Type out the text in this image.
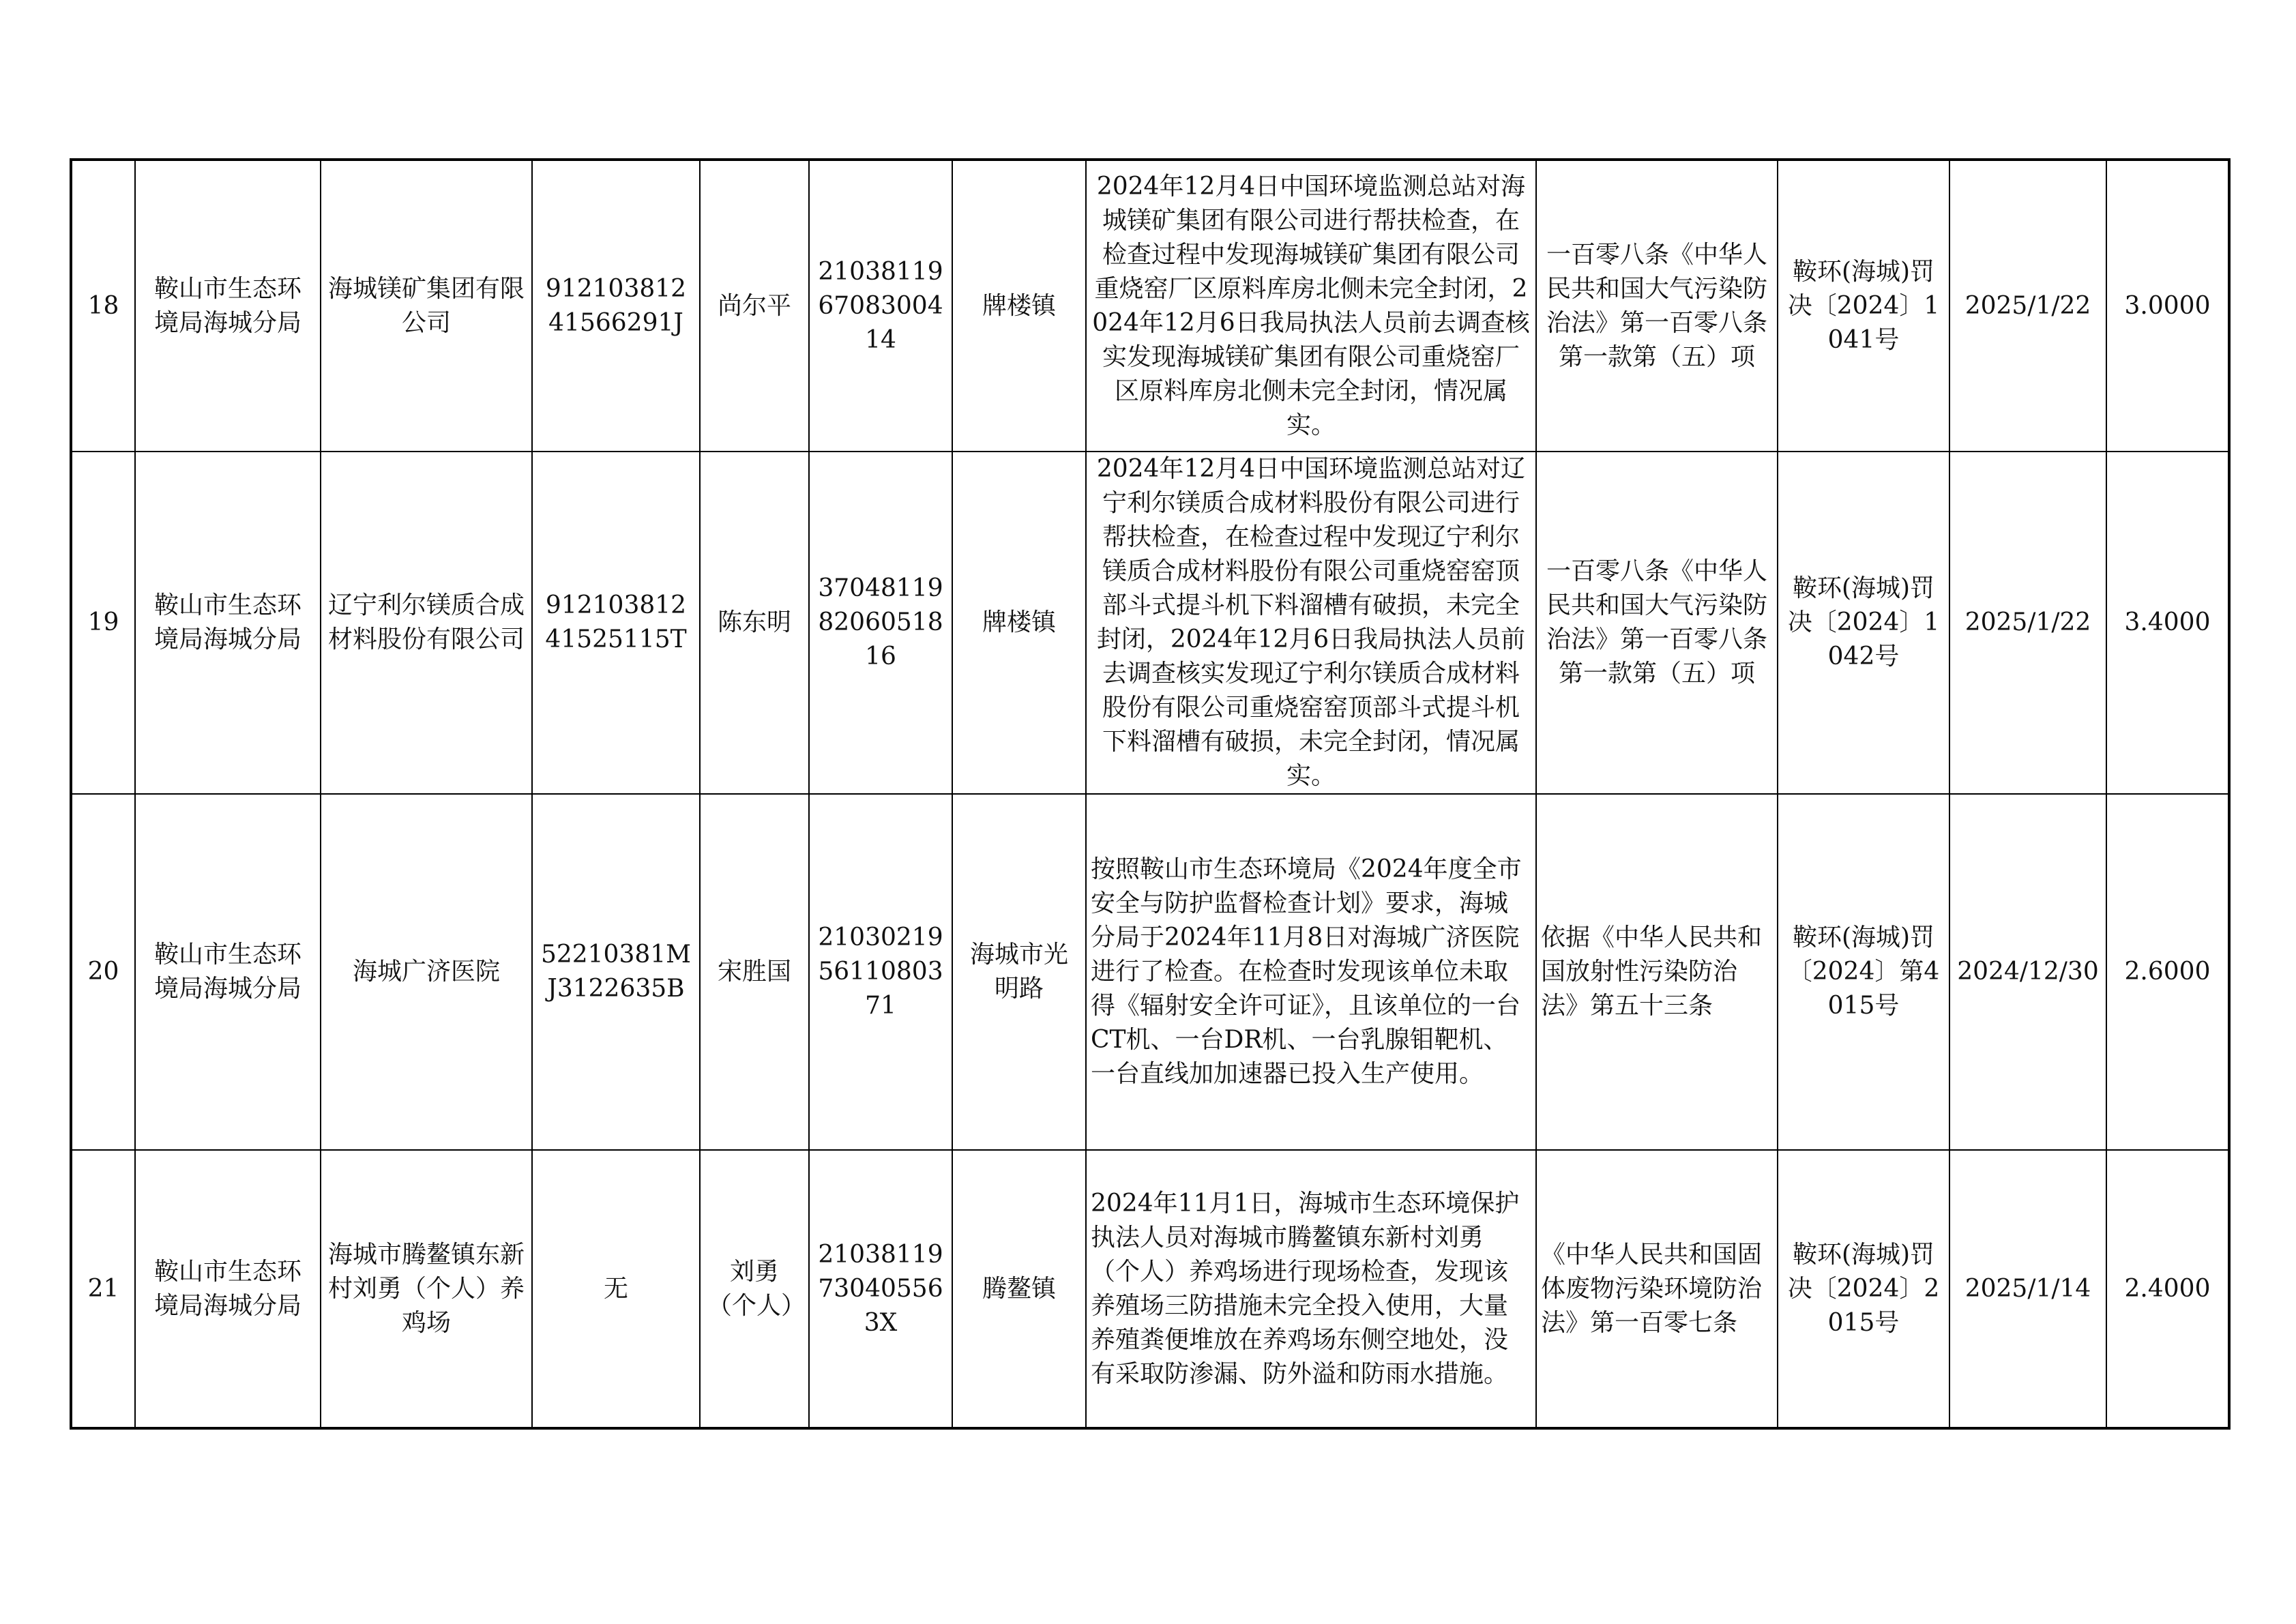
18	鞍山市生态环境局海城分局	海城镁矿集团有限公司	91210381241566291J	尚尔平	210381196708300414	牌楼镇	2024年12月4日中国环境监测总站对海城镁矿集团有限公司进行帮扶检查，在检查过程中发现海城镁矿集团有限公司重烧窑厂区原料库房北侧未完全封闭，2024年12月6日我局执法人员前去调查核实发现海城镁矿集团有限公司重烧窑厂区原料库房北侧未完全封闭，情况属实。	一百零八条《中华人民共和国大气污染防治法》第一百零八条第一款第（五）项	鞍环(海城)罚决〔2024〕1041号	2025/1/22	3.0000
19	鞍山市生态环境局海城分局	辽宁利尔镁质合成材料股份有限公司	91210381241525115T	陈东明	370481198206051816	牌楼镇	2024年12月4日中国环境监测总站对辽宁利尔镁质合成材料股份有限公司进行帮扶检查，在检查过程中发现辽宁利尔镁质合成材料股份有限公司重烧窑窑顶部斗式提斗机下料溜槽有破损，未完全封闭，2024年12月6日我局执法人员前去调查核实发现辽宁利尔镁质合成材料股份有限公司重烧窑窑顶部斗式提斗机下料溜槽有破损，未完全封闭，情况属实。	一百零八条《中华人民共和国大气污染防治法》第一百零八条第一款第（五）项	鞍环(海城)罚决〔2024〕1042号	2025/1/22	3.4000
20	鞍山市生态环境局海城分局	海城广济医院	52210381MJ3122635B	宋胜国	210302195611080371	海城市光明路	按照鞍山市生态环境局《2024年度全市安全与防护监督检查计划》要求，海城分局于2024年11月8日对海城广济医院进行了检查。在检查时发现该单位未取得《辐射安全许可证》，且该单位的一台CT机、一台DR机、一台乳腺钼靶机、一台直线加加速器已投入生产使用。	依据《中华人民共和国放射性污染防治法》第五十三条	鞍环(海城)罚〔2024〕第4015号	2024/12/30	2.6000
21	鞍山市生态环境局海城分局	海城市腾鳌镇东新村刘勇（个人）养鸡场	无	刘勇（个人）	21038119730405563X	腾鳌镇	2024年11月1日，海城市生态环境保护执法人员对海城市腾鳌镇东新村刘勇（个人）养鸡场进行现场检查，发现该养殖场三防措施未完全投入使用，大量养殖粪便堆放在养鸡场东侧空地处，没有采取防渗漏、防外溢和防雨水措施。	《中华人民共和国固体废物污染环境防治法》第一百零七条	鞍环(海城)罚决〔2024〕2015号	2025/1/14	2.4000
